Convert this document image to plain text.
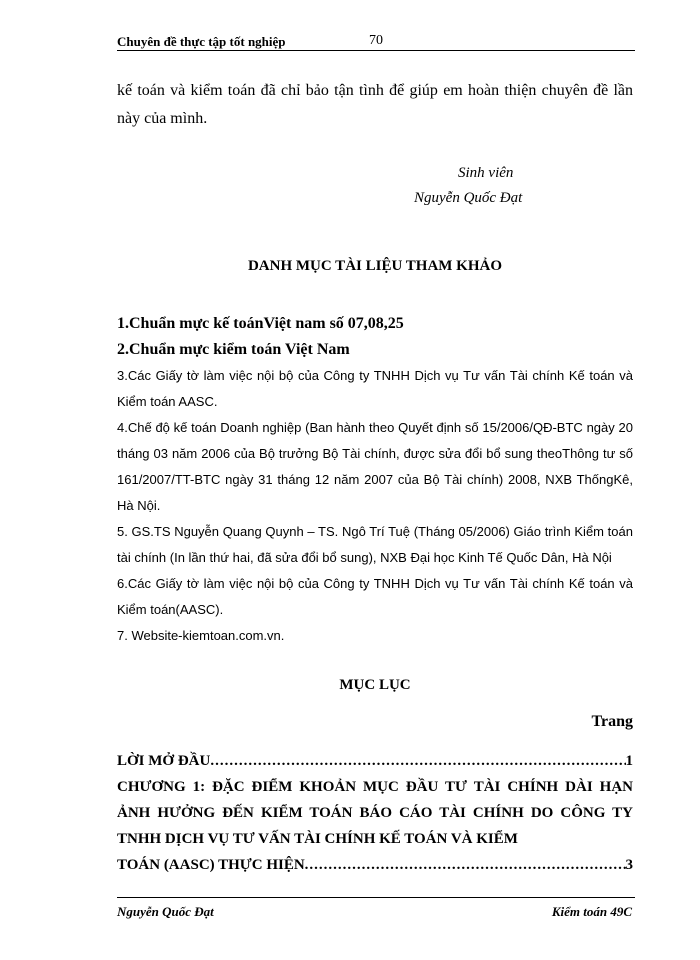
Chuyên đề thực tập tốt nghiệp	70
kế toán và kiểm toán đã chỉ bảo tận tình để giúp em hoàn thiện chuyên đề lần này của mình.
Sinh viên
Nguyễn Quốc Đạt
DANH MỤC TÀI LIỆU THAM KHẢO
1.Chuẩn mực kế toánViệt nam số 07,08,25
2.Chuẩn mực kiểm toán Việt Nam
3.Các Giấy tờ làm việc nội bộ của Công ty TNHH Dịch vụ Tư vấn Tài chính Kế toán và Kiểm toán AASC.
4.Chế độ kế toán Doanh nghiệp (Ban hành theo Quyết định số 15/2006/QĐ-BTC ngày 20 tháng 03 năm 2006 của Bộ trưởng Bộ Tài chính, được sửa đổi bổ sung theoThông tư số 161/2007/TT-BTC ngày 31 tháng 12 năm 2007 của Bộ Tài chính) 2008, NXB ThốngKê, Hà Nội.
5. GS.TS Nguyễn Quang Quynh – TS. Ngô Trí Tuệ (Tháng 05/2006) Giáo trình Kiểm toán tài chính (In lần thứ hai, đã sửa đổi bổ sung), NXB Đại học Kinh Tế Quốc Dân, Hà Nội
6.Các Giấy tờ làm việc nội bộ của Công ty TNHH Dịch vụ Tư vấn Tài chính Kế toán và Kiểm toán(AASC).
7. Website-kiemtoan.com.vn.
MỤC LỤC
Trang
LỜI MỞ ĐẦU .....	1
CHƯƠNG 1: ĐẶC ĐIỂM KHOẢN MỤC ĐẦU TƯ TÀI CHÍNH DÀI HẠN ẢNH HƯỞNG ĐẾN KIỂM TOÁN BÁO CÁO TÀI CHÍNH DO CÔNG TY TNHH DỊCH VỤ TƯ VẤN TÀI CHÍNH KẾ TOÁN VÀ KIỂM
TOÁN (AASC) THỰC HIỆN .....	3
Nguyễn Quốc Đạt	Kiểm toán 49C
